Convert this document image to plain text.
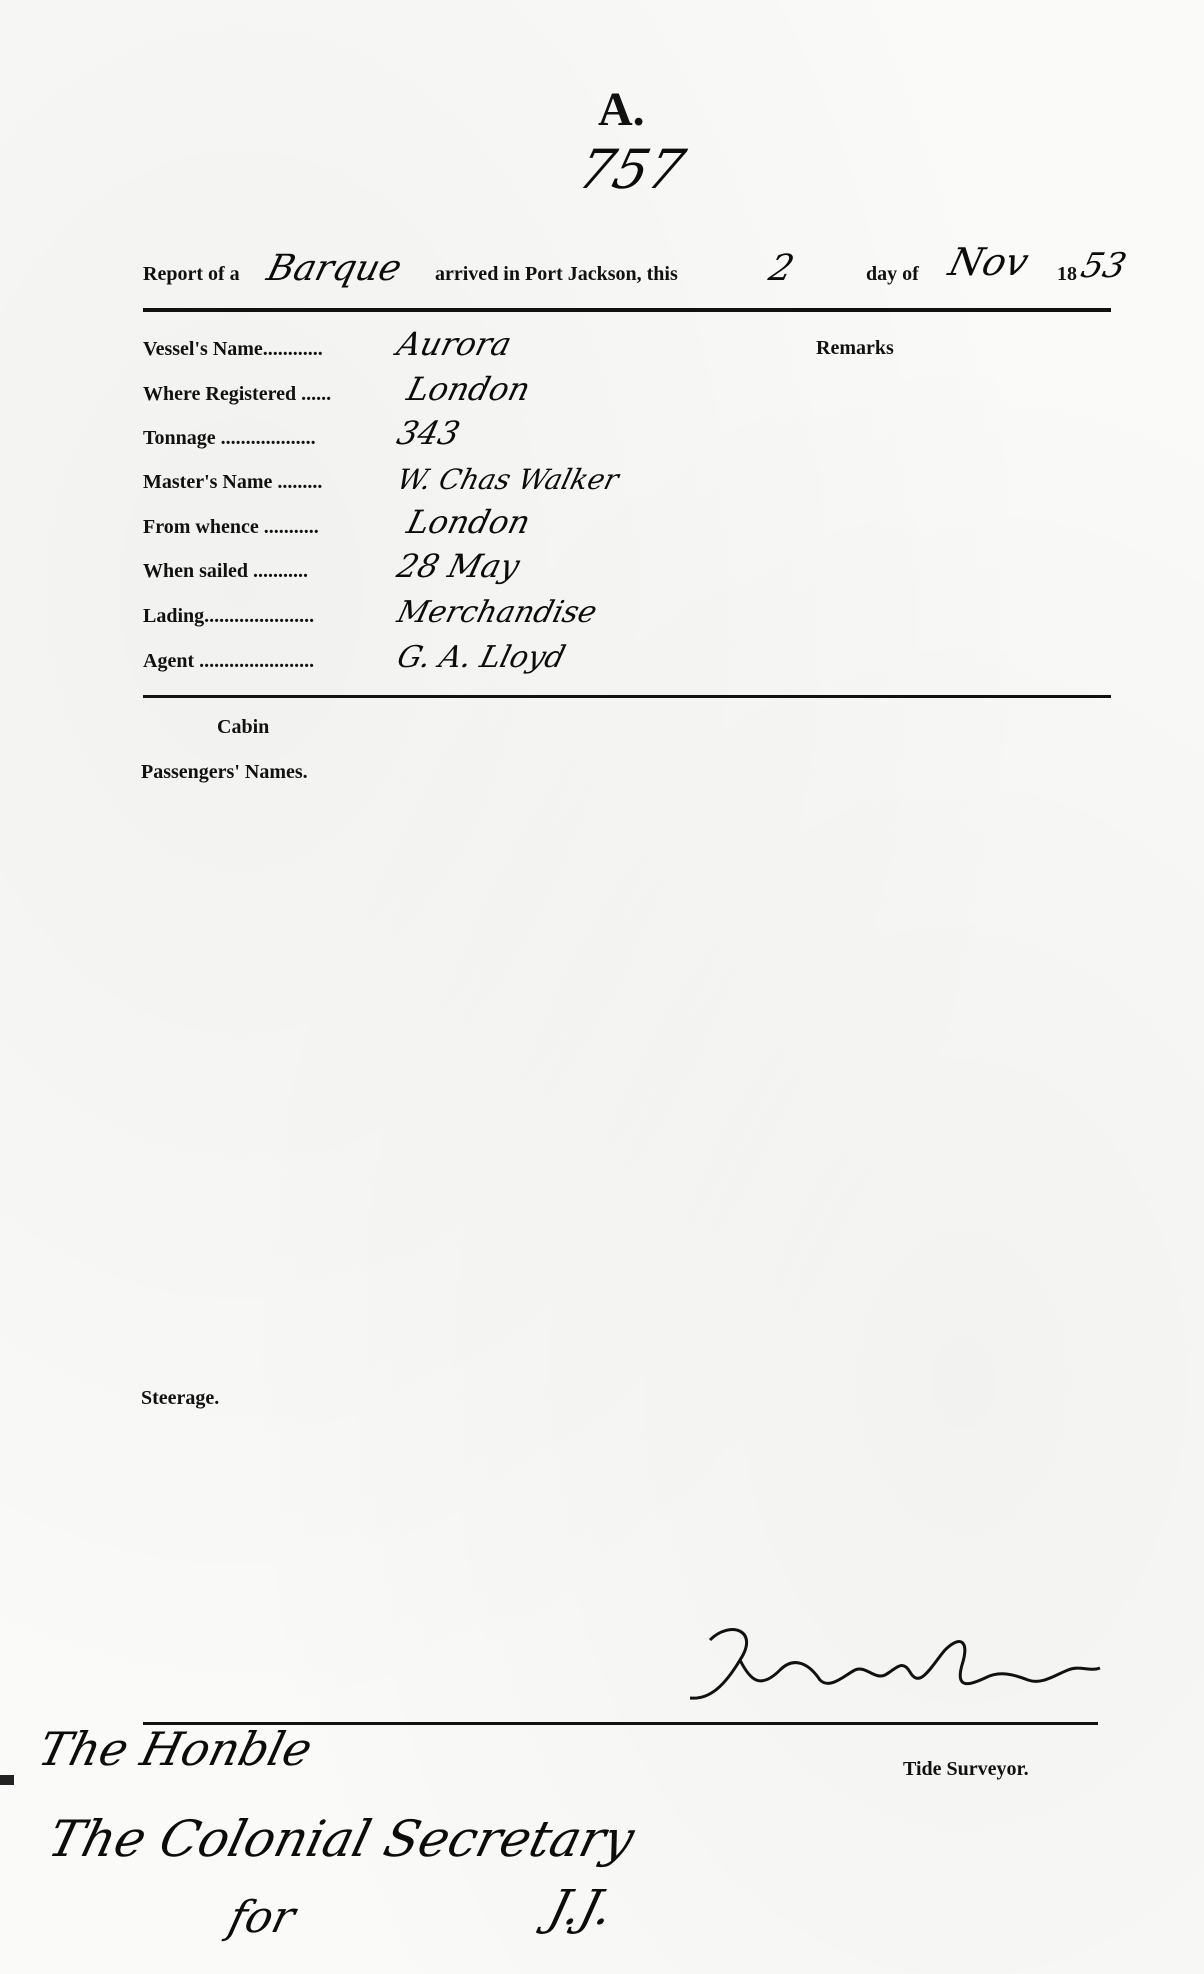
A.
757
Report of a Barque arrived in Port Jackson, this 2	day of Nov 18 53
Remarks
Vessel's Name............ Aurora
Where Registered ...... London
Tonnage ................... 343
Master's Name .........	W. Chas Walker
From whence ...........	London
When sailed ...........	28 May
Lading......................	Merchandise
Agent .......................	G. A. Lloyd
Cabin
Passengers' Names.
Steerage.
Tide Surveyor.
The Honble
The Colonial Secretary
for	J.J.
